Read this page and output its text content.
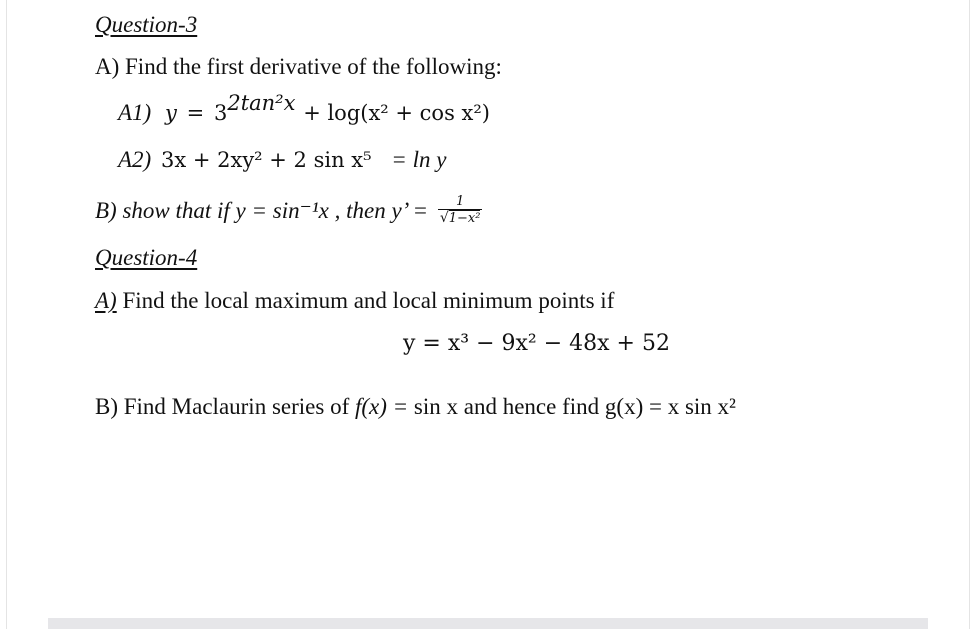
Question-3
A) Find the first derivative of the following:
A1) $y = 3^{2tan^2x} + \log(x^2 + \cos x^2)$
A2) 3x + 2xy² + 2 sin x⁵ = ln y
B) show that if y = sin⁻¹x , then y’ = $\frac{1}{\text{√1−x²}}$
Question-4
A) Find the local maximum and local minimum points if
y = x³ − 9x² − 48x + 52
B) Find Maclaurin series of f(x) = sin x and hence find g(x) = x sin x²
